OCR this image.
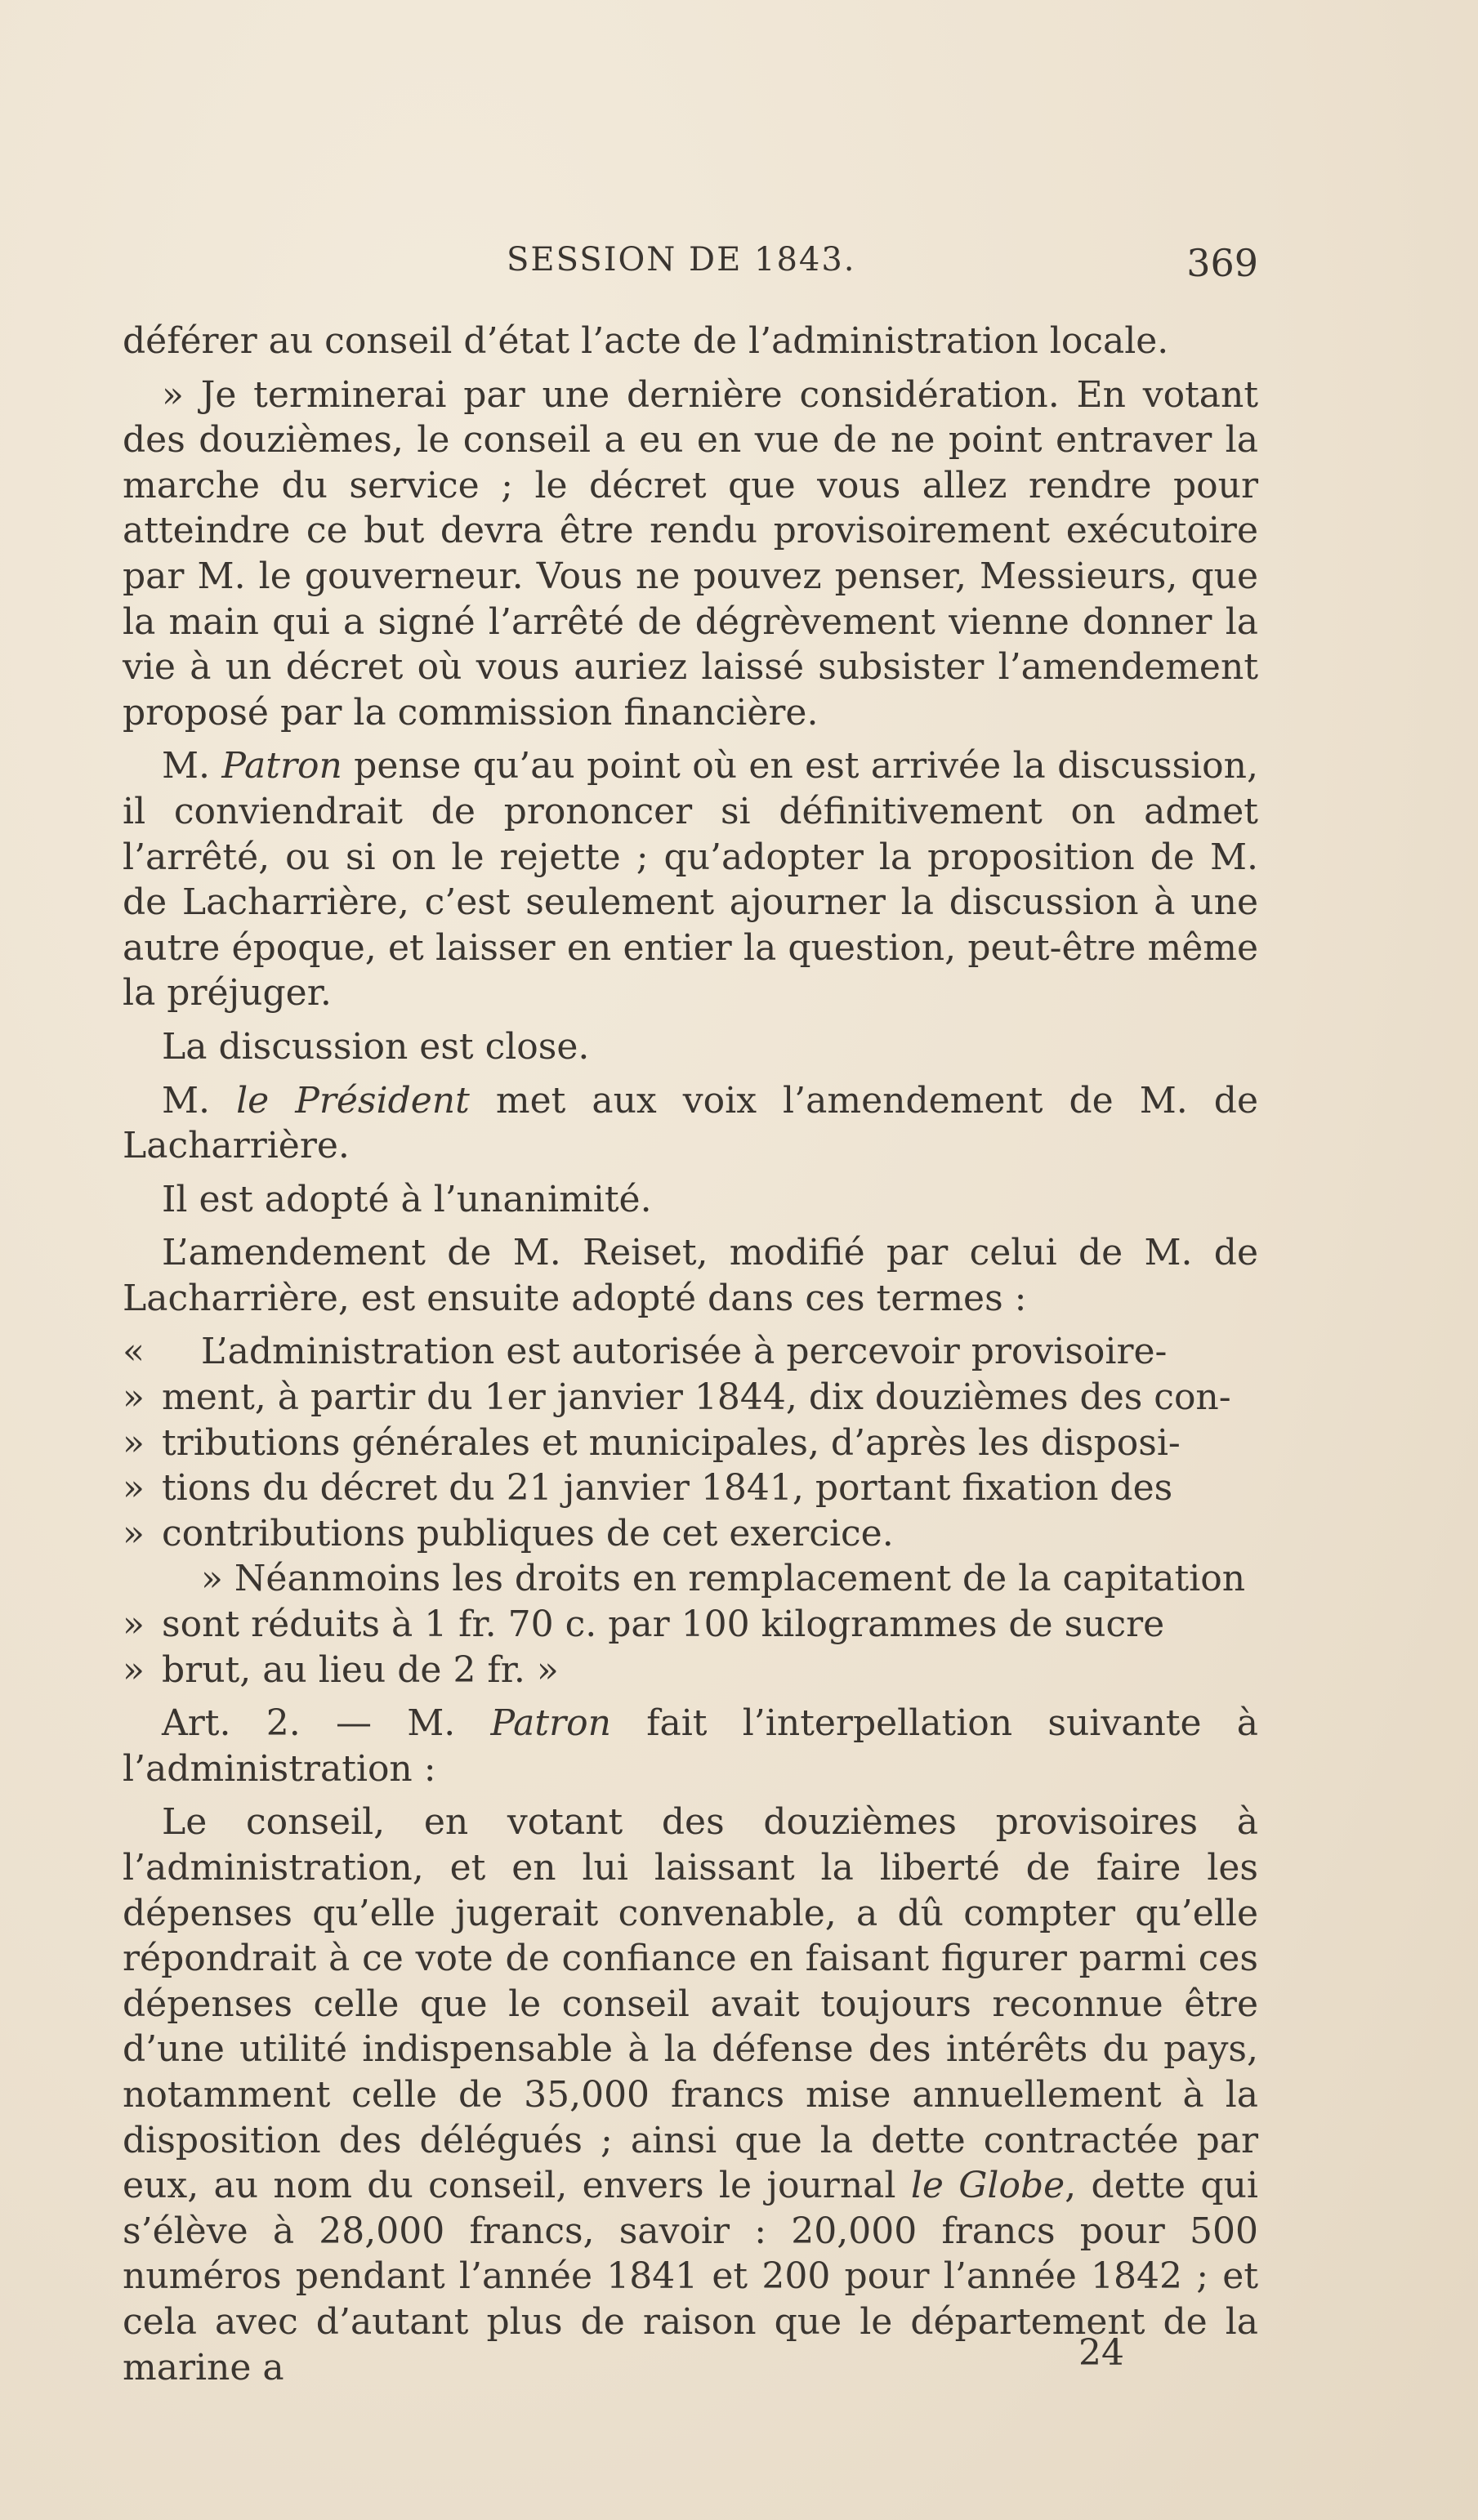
SESSION DE 1843.	369

déférer au conseil d’état l’acte de l’administration locale.

» Je terminerai par une dernière considération. En votant des douzièmes, le conseil a eu en vue de ne point entraver la marche du service ; le décret que vous allez rendre pour atteindre ce but devra être rendu provisoirement exécutoire par M. le gouverneur. Vous ne pouvez penser, Messieurs, que la main qui a signé l’arrêté de dégrèvement vienne donner la vie à un décret où vous auriez laissé subsister l’amendement proposé par la commission financière.

M. Patron pense qu’au point où en est arrivée la discussion, il conviendrait de prononcer si définitivement on admet l’arrêté, ou si on le rejette ; qu’adopter la proposition de M. de Lacharrière, c’est seulement ajourner la discussion à une autre époque, et laisser en entier la question, peut-être même la préjuger.

La discussion est close.

M. le Président met aux voix l’amendement de M. de Lacharrière.

Il est adopté à l’unanimité.

L’amendement de M. Reiset, modifié par celui de M. de Lacharrière, est ensuite adopté dans ces termes :

« L’administration est autorisée à percevoir provisoire-
» ment, à partir du 1er janvier 1844, dix douzièmes des con-
» tributions générales et municipales, d’après les disposi-
» tions du décret du 21 janvier 1841, portant fixation des
» contributions publiques de cet exercice.
» Néanmoins les droits en remplacement de la capitation
» sont réduits à 1 fr. 70 c. par 100 kilogrammes de sucre
» brut, au lieu de 2 fr. »

Art. 2. — M. Patron fait l’interpellation suivante à l’administration :

Le conseil, en votant des douzièmes provisoires à l’administration, et en lui laissant la liberté de faire les dépenses qu’elle jugerait convenable, a dû compter qu’elle répondrait à ce vote de confiance en faisant figurer parmi ces dépenses celle que le conseil avait toujours reconnue être d’une utilité indispensable à la défense des intérêts du pays, notamment celle de 35,000 francs mise annuellement à la disposition des délégués ; ainsi que la dette contractée par eux, au nom du conseil, envers le journal le Globe, dette qui s’élève à 28,000 francs, savoir : 20,000 francs pour 500 numéros pendant l’année 1841 et 200 pour l’année 1842 ; et cela avec d’autant plus de raison que le département de la marine a	24
